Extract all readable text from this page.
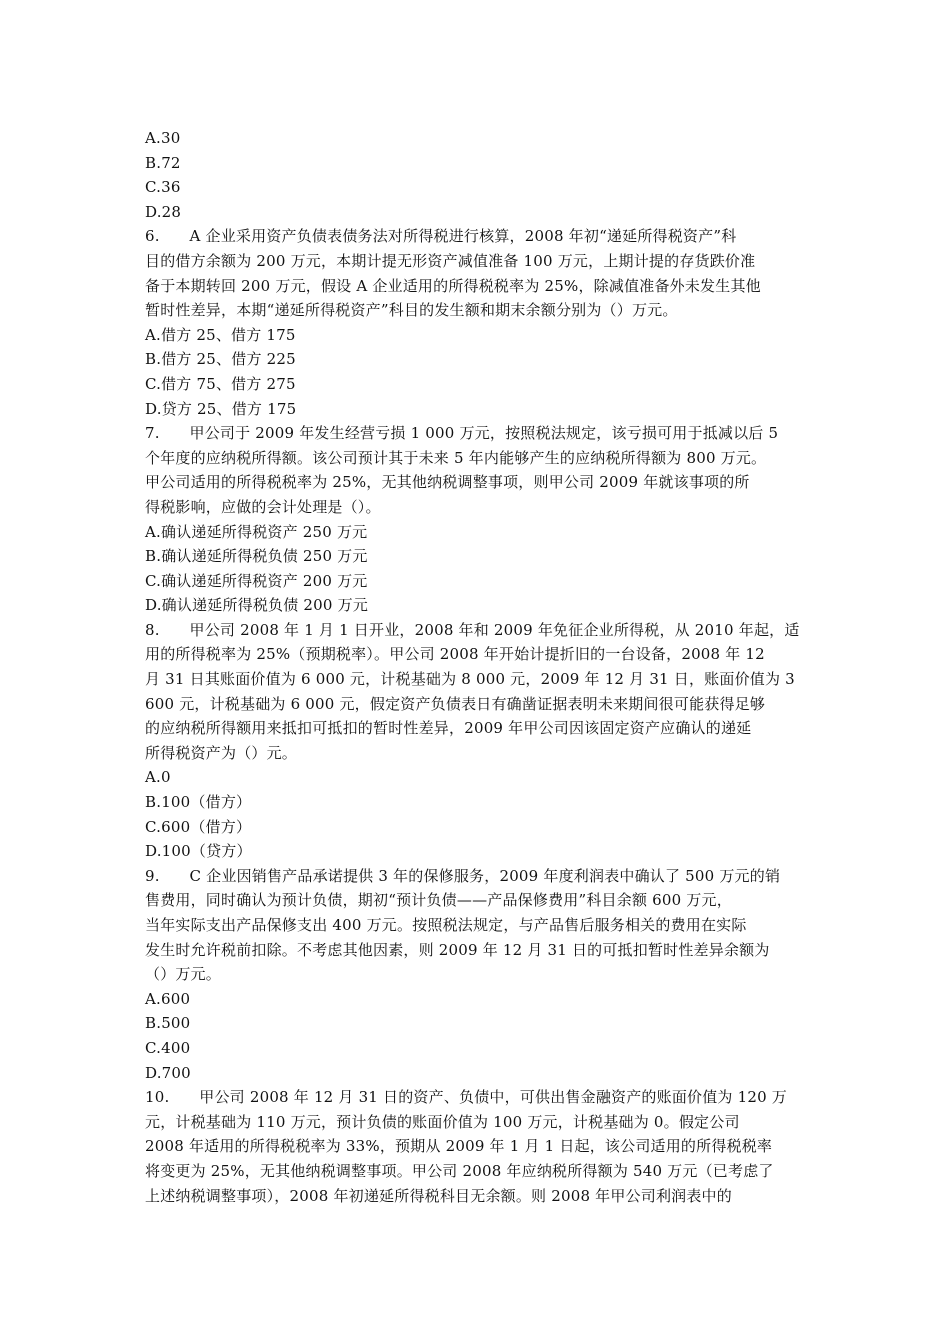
A.30
B.72
C.36
D.28
6.      A 企业采用资产负债表债务法对所得税进行核算，2008 年初“递延所得税资产”科
目的借方余额为 200 万元，本期计提无形资产减值准备 100 万元，上期计提的存货跌价准
备于本期转回 200 万元，假设 A 企业适用的所得税税率为 25%，除减值准备外未发生其他
暂时性差异，本期“递延所得税资产”科目的发生额和期末余额分别为（）万元。
A.借方 25、借方 175
B.借方 25、借方 225
C.借方 75、借方 275
D.贷方 25、借方 175
7.      甲公司于 2009 年发生经营亏损 1 000 万元，按照税法规定，该亏损可用于抵减以后 5
个年度的应纳税所得额。该公司预计其于未来 5 年内能够产生的应纳税所得额为 800 万元。
甲公司适用的所得税税率为 25%，无其他纳税调整事项，则甲公司 2009 年就该事项的所
得税影响，应做的会计处理是（）。
A.确认递延所得税资产 250 万元
B.确认递延所得税负债 250 万元
C.确认递延所得税资产 200 万元
D.确认递延所得税负债 200 万元
8.      甲公司 2008 年 1 月 1 日开业，2008 年和 2009 年免征企业所得税，从 2010 年起，适
用的所得税率为 25%（预期税率）。甲公司 2008 年开始计提折旧的一台设备，2008 年 12
月 31 日其账面价值为 6 000 元，计税基础为 8 000 元，2009 年 12 月 31 日，账面价值为 3
600 元，计税基础为 6 000 元，假定资产负债表日有确凿证据表明未来期间很可能获得足够
的应纳税所得额用来抵扣可抵扣的暂时性差异，2009 年甲公司因该固定资产应确认的递延
所得税资产为（）元。
A.0
B.100（借方）
C.600（借方）
D.100（贷方）
9.      C 企业因销售产品承诺提供 3 年的保修服务，2009 年度利润表中确认了 500 万元的销
售费用，同时确认为预计负债，期初“预计负债——产品保修费用”科目余额 600 万元，
当年实际支出产品保修支出 400 万元。按照税法规定，与产品售后服务相关的费用在实际
发生时允许税前扣除。不考虑其他因素，则 2009 年 12 月 31 日的可抵扣暂时性差异余额为
（）万元。
A.600
B.500
C.400
D.700
10.      甲公司 2008 年 12 月 31 日的资产、负债中，可供出售金融资产的账面价值为 120 万
元，计税基础为 110 万元，预计负债的账面价值为 100 万元，计税基础为 0。假定公司
2008 年适用的所得税税率为 33%，预期从 2009 年 1 月 1 日起，该公司适用的所得税税率
将变更为 25%，无其他纳税调整事项。甲公司 2008 年应纳税所得额为 540 万元（已考虑了
上述纳税调整事项），2008 年初递延所得税科目无余额。则 2008 年甲公司利润表中的
